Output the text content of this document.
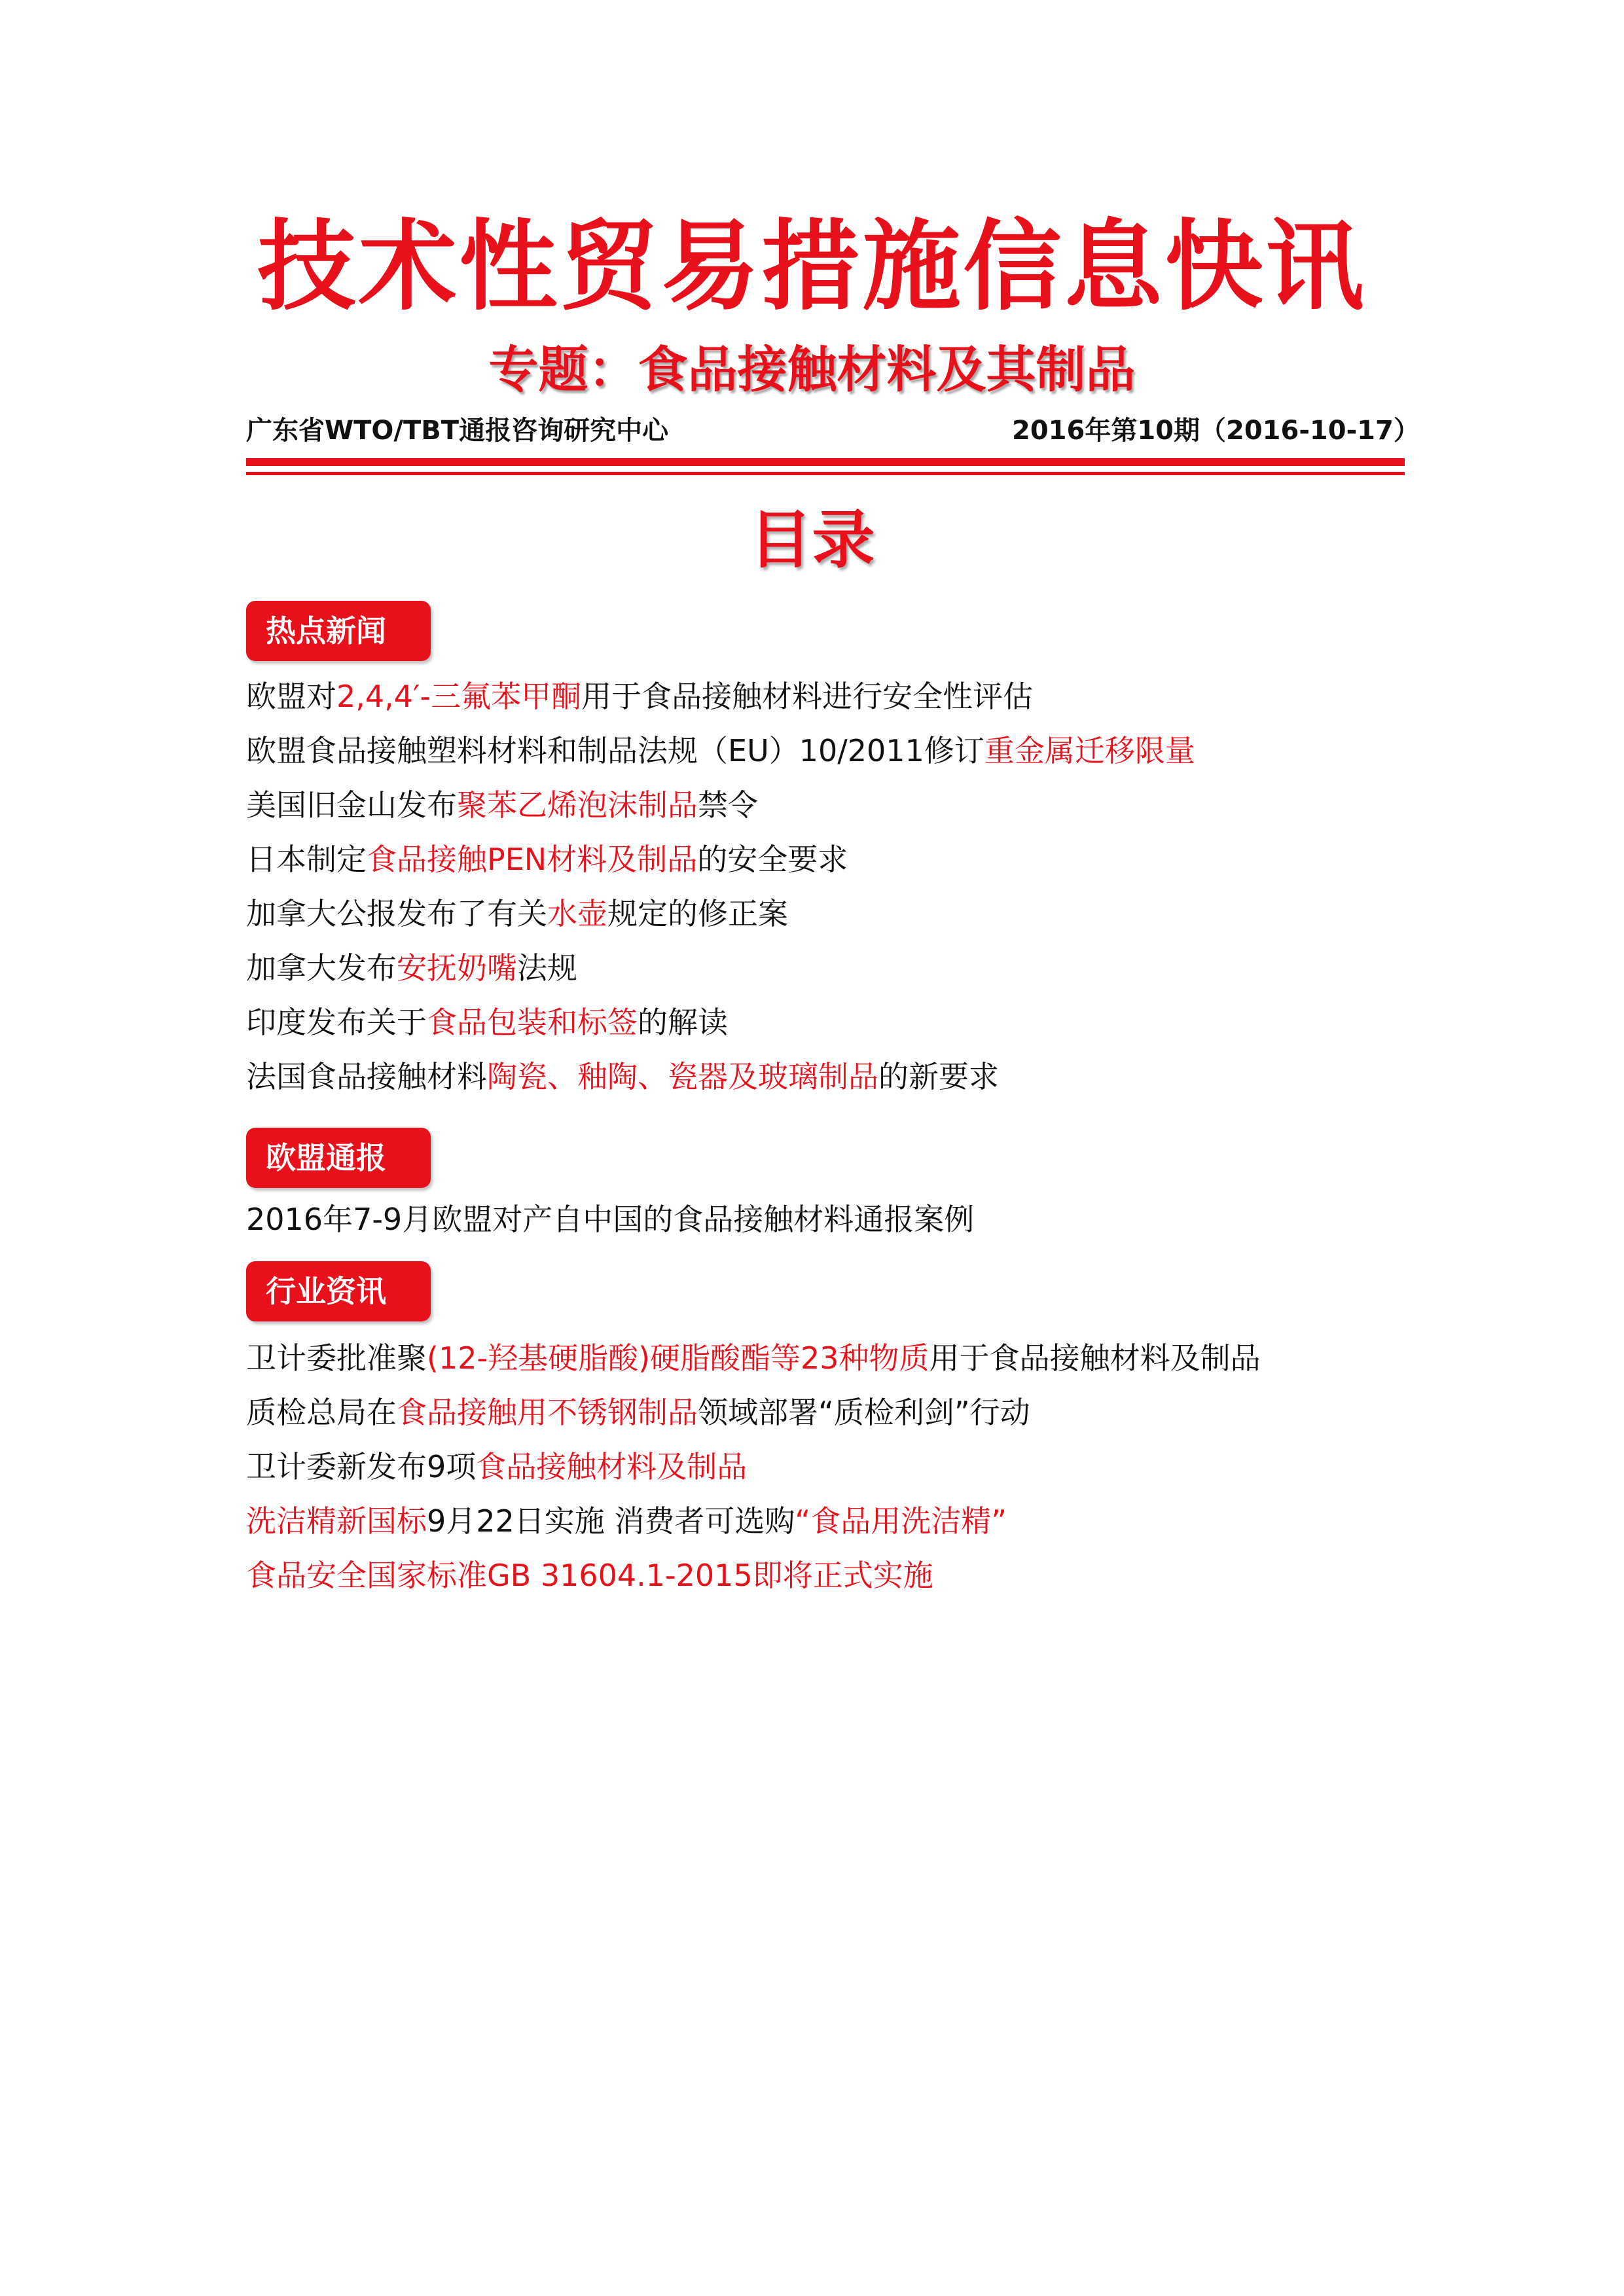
技术性贸易措施信息快讯
专题：食品接触材料及其制品
广东省WTO/TBT通报咨询研究中心	2016年第10期（2016-10-17）
目录
热点新闻
欧盟对2,4,4′-三氟苯甲酮用于食品接触材料进行安全性评估
欧盟食品接触塑料材料和制品法规（EU）10/2011修订重金属迁移限量
美国旧金山发布聚苯乙烯泡沫制品禁令
日本制定食品接触PEN材料及制品的安全要求
加拿大公报发布了有关水壶规定的修正案
加拿大发布安抚奶嘴法规
印度发布关于食品包装和标签的解读
法国食品接触材料陶瓷、釉陶、瓷器及玻璃制品的新要求
欧盟通报
2016年7-9月欧盟对产自中国的食品接触材料通报案例
行业资讯
卫计委批准聚(12-羟基硬脂酸)硬脂酸酯等23种物质用于食品接触材料及制品
质检总局在食品接触用不锈钢制品领域部署“质检利剑”行动
卫计委新发布9项食品接触材料及制品
洗洁精新国标9月22日实施 消费者可选购“食品用洗洁精”
食品安全国家标准GB 31604.1-2015即将正式实施
